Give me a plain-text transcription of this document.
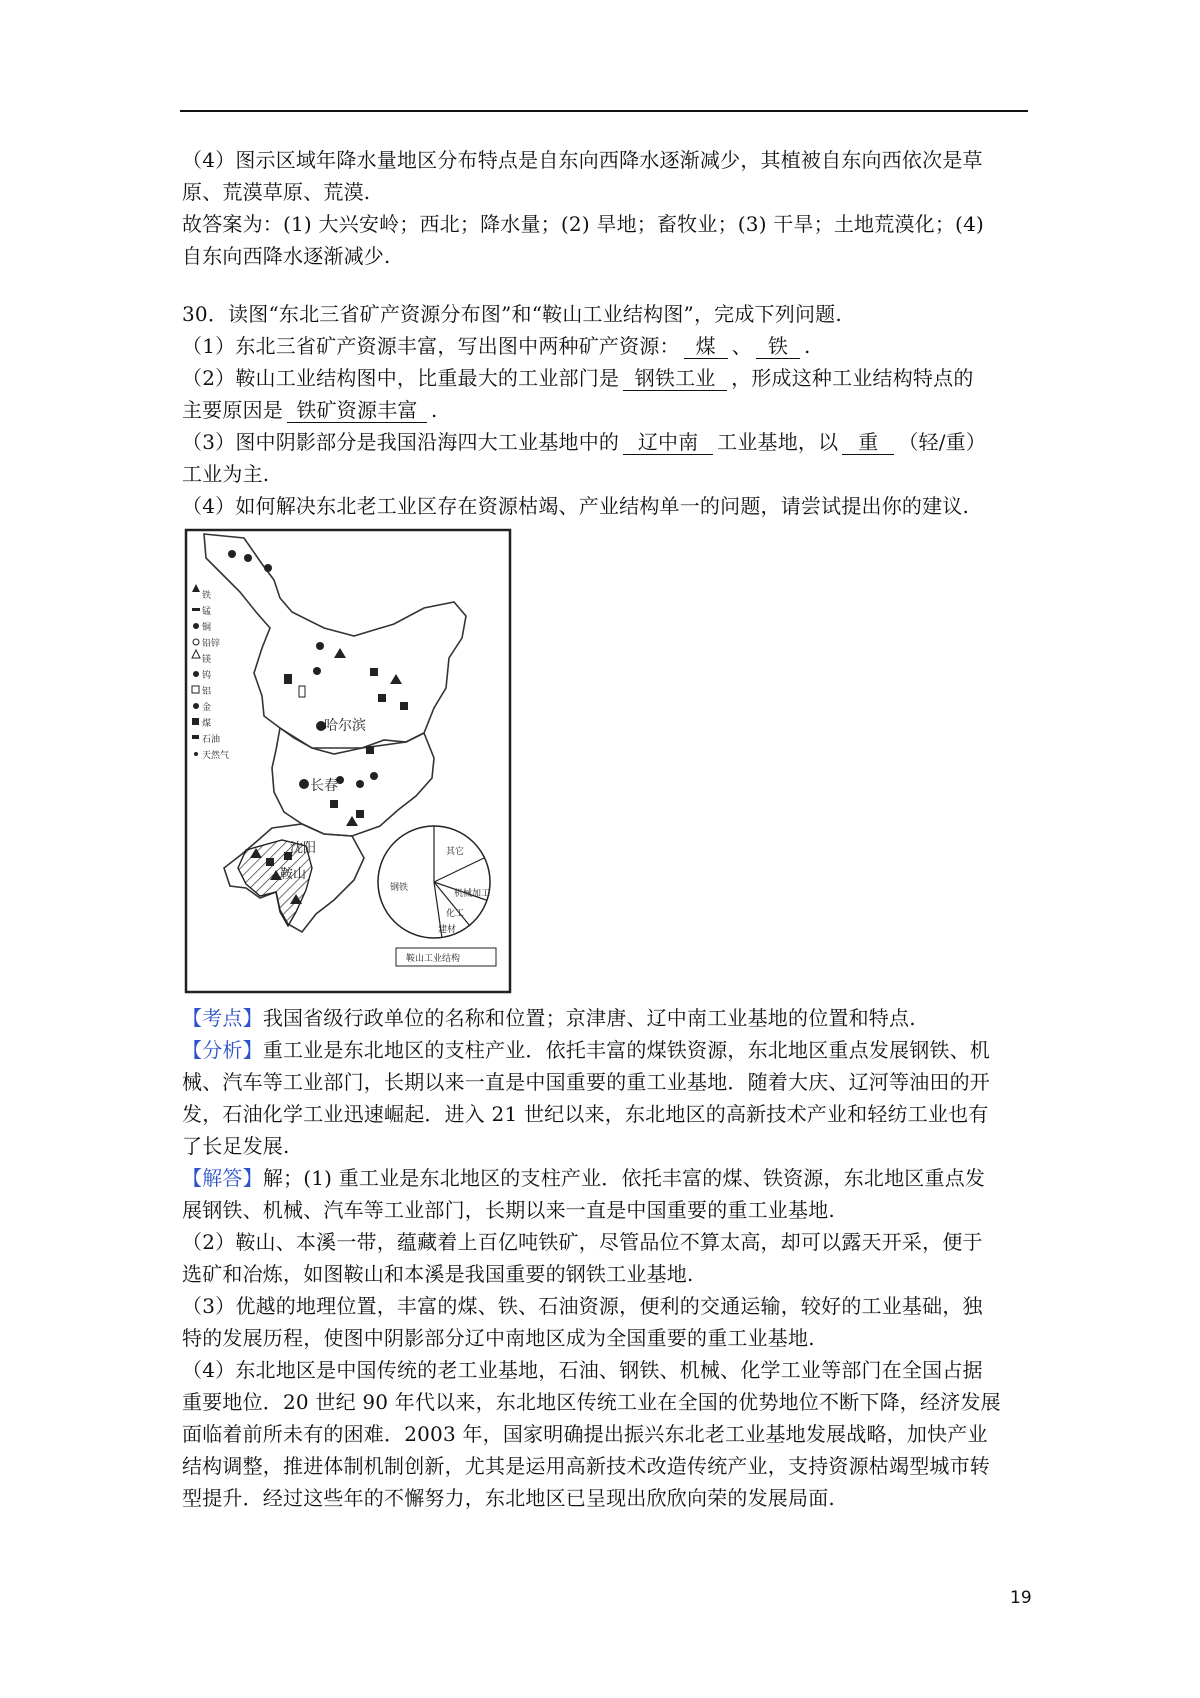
（4）图示区域年降水量地区分布特点是自东向西降水逐渐减少，其植被自东向西依次是草

原、荒漠草原、荒漠.

故答案为：(1) 大兴安岭；西北；降水量；(2) 旱地；畜牧业；(3) 干旱；土地荒漠化；(4)

自东向西降水逐渐减少.

30．读图“东北三省矿产资源分布图”和“鞍山工业结构图”，完成下列问题.

（1）东北三省矿产资源丰富，写出图中两种矿产资源： 煤 、 铁 .

（2）鞍山工业结构图中，比重最大的工业部门是 钢铁工业 ，形成这种工业结构特点的

主要原因是 铁矿资源丰富 .

（3）图中阴影部分是我国沿海四大工业基地中的 辽中南 工业基地，以 重 （轻/重）

工业为主.

（4）如何解决东北老工业区存在资源枯竭、产业结构单一的问题，请尝试提出你的建议.

铁
锰
铜
铅锌
镁
钨
铝
金
煤
石油
天然气
哈尔滨
长春
沈阳
鞍山
钢铁
其它
机械加工
化工
建材
鞍山工业结构

【考点】我国省级行政单位的名称和位置；京津唐、辽中南工业基地的位置和特点.

【分析】重工业是东北地区的支柱产业．依托丰富的煤铁资源，东北地区重点发展钢铁、机

械、汽车等工业部门，长期以来一直是中国重要的重工业基地．随着大庆、辽河等油田的开

发，石油化学工业迅速崛起．进入 21 世纪以来，东北地区的高新技术产业和轻纺工业也有

了长足发展.

【解答】解；(1) 重工业是东北地区的支柱产业．依托丰富的煤、铁资源，东北地区重点发

展钢铁、机械、汽车等工业部门，长期以来一直是中国重要的重工业基地.

（2）鞍山、本溪一带，蕴藏着上百亿吨铁矿，尽管品位不算太高，却可以露天开采，便于

选矿和冶炼，如图鞍山和本溪是我国重要的钢铁工业基地.

（3）优越的地理位置，丰富的煤、铁、石油资源，便利的交通运输，较好的工业基础，独

特的发展历程，使图中阴影部分辽中南地区成为全国重要的重工业基地.

（4）东北地区是中国传统的老工业基地，石油、钢铁、机械、化学工业等部门在全国占据

重要地位．20 世纪 90 年代以来，东北地区传统工业在全国的优势地位不断下降，经济发展

面临着前所未有的困难．2003 年，国家明确提出振兴东北老工业基地发展战略，加快产业

结构调整，推进体制机制创新，尤其是运用高新技术改造传统产业，支持资源枯竭型城市转

型提升．经过这些年的不懈努力，东北地区已呈现出欣欣向荣的发展局面.

19
